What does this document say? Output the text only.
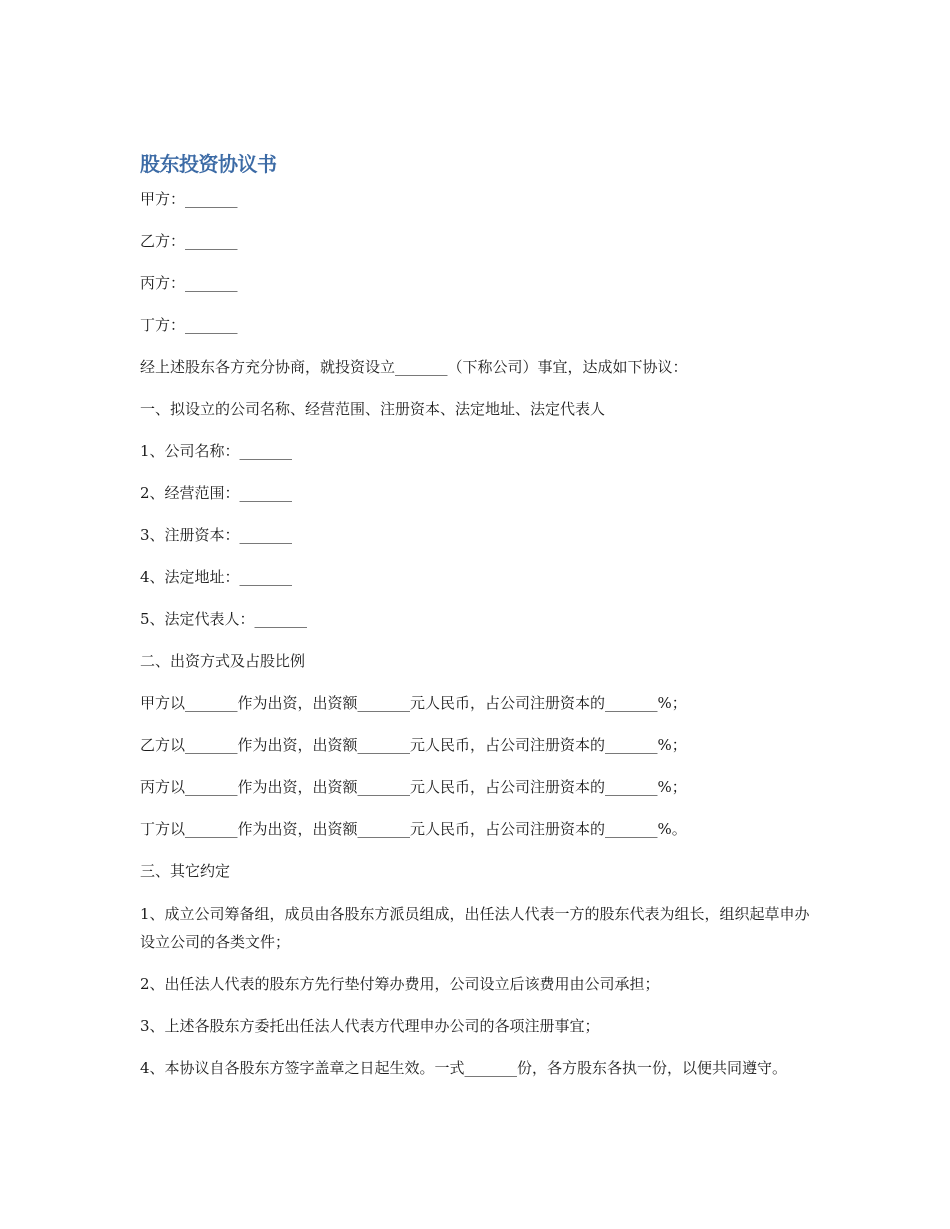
股东投资协议书
甲方：_______
乙方：_______
丙方：_______
丁方：_______
经上述股东各方充分协商，就投资设立_______（下称公司）事宜，达成如下协议：
一、拟设立的公司名称、经营范围、注册资本、法定地址、法定代表人
1、公司名称：_______
2、经营范围：_______
3、注册资本：_______
4、法定地址：_______
5、法定代表人：_______
二、出资方式及占股比例
甲方以_______作为出资，出资额_______元人民币，占公司注册资本的_______%；
乙方以_______作为出资，出资额_______元人民币，占公司注册资本的_______%；
丙方以_______作为出资，出资额_______元人民币，占公司注册资本的_______%；
丁方以_______作为出资，出资额_______元人民币，占公司注册资本的_______%。
三、其它约定
1、成立公司筹备组，成员由各股东方派员组成，出任法人代表一方的股东代表为组长，组织起草申办设立公司的各类文件；
2、出任法人代表的股东方先行垫付筹办费用，公司设立后该费用由公司承担；
3、上述各股东方委托出任法人代表方代理申办公司的各项注册事宜；
4、本协议自各股东方签字盖章之日起生效。一式_______份，各方股东各执一份，以便共同遵守。
